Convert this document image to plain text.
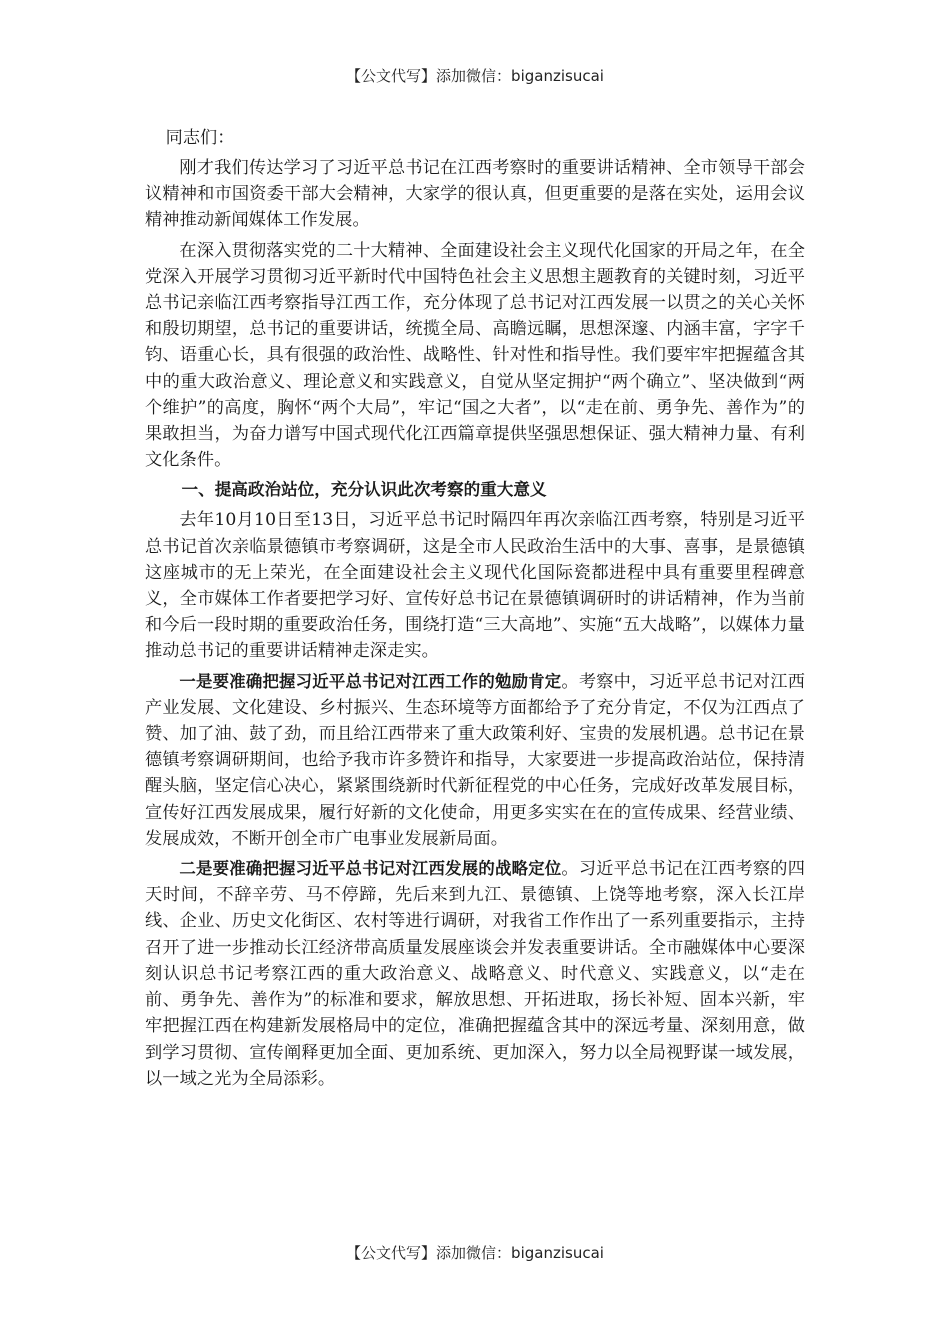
【公文代写】添加微信：biganzisucai

同志们：

刚才我们传达学习了习近平总书记在江西考察时的重要讲话精神、全市领导干部会议精神和市国资委干部大会精神，大家学的很认真，但更重要的是落在实处，运用会议精神推动新闻媒体工作发展。

在深入贯彻落实党的二十大精神、全面建设社会主义现代化国家的开局之年，在全党深入开展学习贯彻习近平新时代中国特色社会主义思想主题教育的关键时刻，习近平总书记亲临江西考察指导江西工作，充分体现了总书记对江西发展一以贯之的关心关怀和殷切期望，总书记的重要讲话，统揽全局、高瞻远瞩，思想深邃、内涵丰富，字字千钧、语重心长，具有很强的政治性、战略性、针对性和指导性。我们要牢牢把握蕴含其中的重大政治意义、理论意义和实践意义，自觉从坚定拥护“两个确立”、坚决做到“两个维护”的高度，胸怀“两个大局”，牢记“国之大者”，以“走在前、勇争先、善作为”的果敢担当，为奋力谱写中国式现代化江西篇章提供坚强思想保证、强大精神力量、有利文化条件。

一、提高政治站位，充分认识此次考察的重大意义

去年10月10日至13日，习近平总书记时隔四年再次亲临江西考察，特别是习近平总书记首次亲临景德镇市考察调研，这是全市人民政治生活中的大事、喜事，是景德镇这座城市的无上荣光，在全面建设社会主义现代化国际瓷都进程中具有重要里程碑意义，全市媒体工作者要把学习好、宣传好总书记在景德镇调研时的讲话精神，作为当前和今后一段时期的重要政治任务，围绕打造“三大高地”、实施“五大战略”，以媒体力量推动总书记的重要讲话精神走深走实。

一是要准确把握习近平总书记对江西工作的勉励肯定。考察中，习近平总书记对江西产业发展、文化建设、乡村振兴、生态环境等方面都给予了充分肯定，不仅为江西点了赞、加了油、鼓了劲，而且给江西带来了重大政策利好、宝贵的发展机遇。总书记在景德镇考察调研期间，也给予我市许多赞许和指导，大家要进一步提高政治站位，保持清醒头脑，坚定信心决心，紧紧围绕新时代新征程党的中心任务，完成好改革发展目标，宣传好江西发展成果，履行好新的文化使命，用更多实实在在的宣传成果、经营业绩、发展成效，不断开创全市广电事业发展新局面。

二是要准确把握习近平总书记对江西发展的战略定位。习近平总书记在江西考察的四天时间，不辞辛劳、马不停蹄，先后来到九江、景德镇、上饶等地考察，深入长江岸线、企业、历史文化街区、农村等进行调研，对我省工作作出了一系列重要指示，主持召开了进一步推动长江经济带高质量发展座谈会并发表重要讲话。全市融媒体中心要深刻认识总书记考察江西的重大政治意义、战略意义、时代意义、实践意义，以“走在前、勇争先、善作为”的标准和要求，解放思想、开拓进取，扬长补短、固本兴新，牢牢把握江西在构建新发展格局中的定位，准确把握蕴含其中的深远考量、深刻用意，做到学习贯彻、宣传阐释更加全面、更加系统、更加深入，努力以全局视野谋一域发展，以一域之光为全局添彩。

【公文代写】添加微信：biganzisucai
